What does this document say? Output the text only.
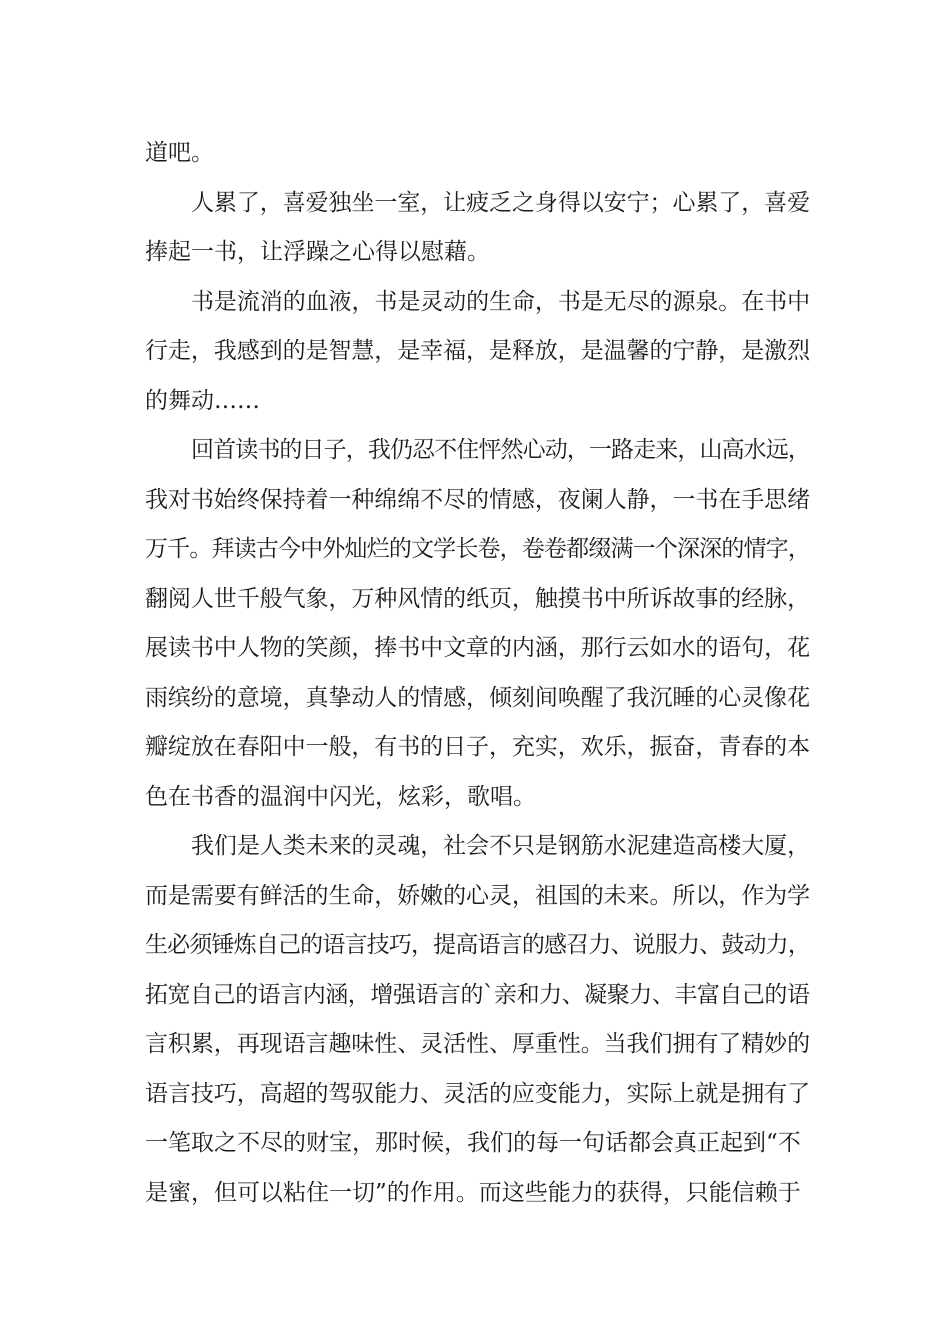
道吧。
人累了，喜爱独坐一室，让疲乏之身得以安宁；心累了，喜爱
捧起一书，让浮躁之心得以慰藉。
书是流消的血液，书是灵动的生命，书是无尽的源泉。在书中
行走，我感到的是智慧，是幸福，是释放，是温馨的宁静，是激烈
的舞动……
回首读书的日子，我仍忍不住怦然心动，一路走来，山高水远，
我对书始终保持着一种绵绵不尽的情感，夜阑人静，一书在手思绪
万千。拜读古今中外灿烂的文学长卷，卷卷都缀满一个深深的情字，
翻阅人世千般气象，万种风情的纸页，触摸书中所诉故事的经脉，
展读书中人物的笑颜，捧书中文章的内涵，那行云如水的语句，花
雨缤纷的意境，真挚动人的情感，倾刻间唤醒了我沉睡的心灵像花
瓣绽放在春阳中一般，有书的日子，充实，欢乐，振奋，青春的本
色在书香的温润中闪光，炫彩，歌唱。
我们是人类未来的灵魂，社会不只是钢筋水泥建造高楼大厦，
而是需要有鲜活的生命，娇嫩的心灵，祖国的未来。所以，作为学
生必须锤炼自己的语言技巧，提高语言的感召力、说服力、鼓动力，
拓宽自己的语言内涵，增强语言的`亲和力、凝聚力、丰富自己的语
言积累，再现语言趣味性、灵活性、厚重性。当我们拥有了精妙的
语言技巧，高超的驾驭能力、灵活的应变能力，实际上就是拥有了
一笔取之不尽的财宝，那时候，我们的每一句话都会真正起到“不
是蜜，但可以粘住一切”的作用。而这些能力的获得，只能信赖于
